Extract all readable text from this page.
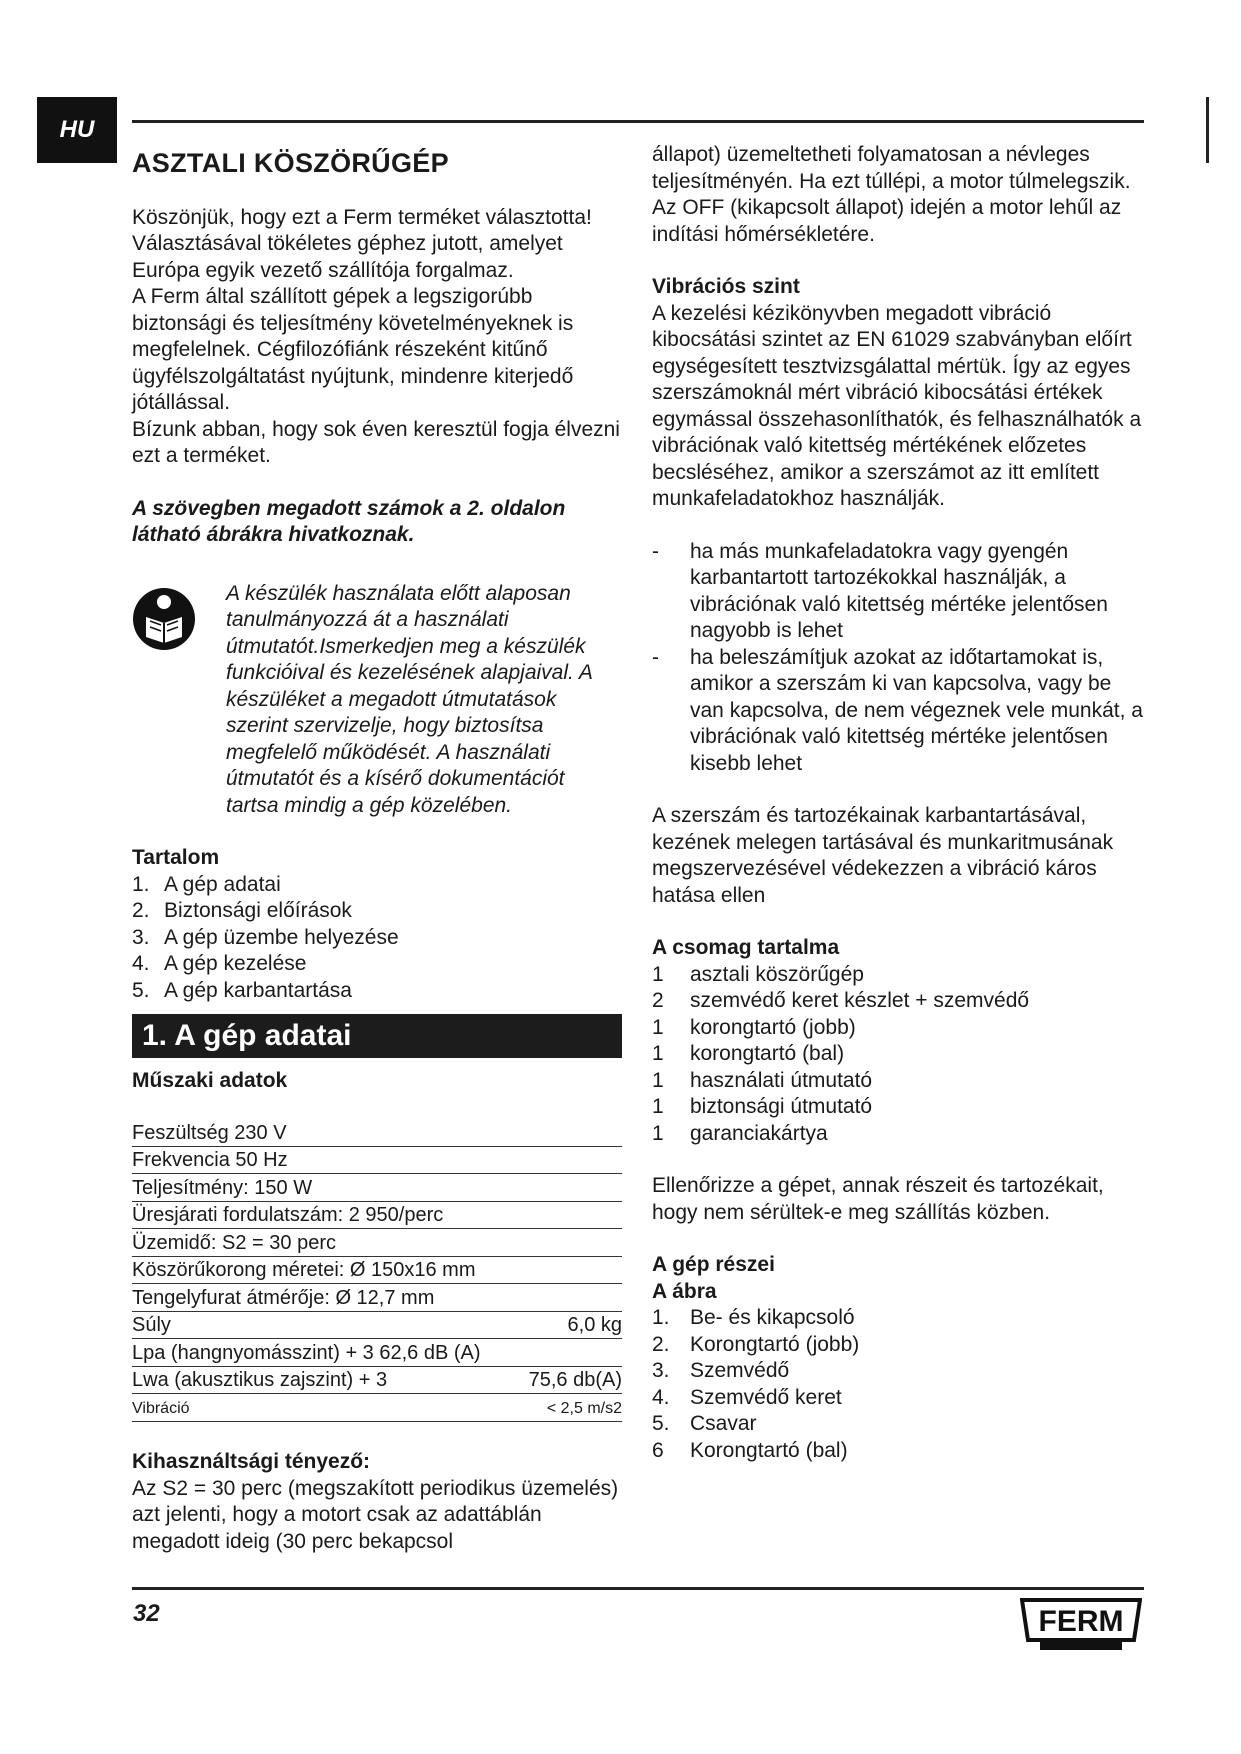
HU
ASZTALI KÖSZÖRŰGÉP

Köszönjük, hogy ezt a Ferm terméket választotta! Választásával tökéletes géphez jutott, amelyet Európa egyik vezető szállítója forgalmaz.

A Ferm által szállított gépek a legszigorúbb biztonsági és teljesítmény követelményeknek is megfelelnek. Cégfilozófiánk részeként kitűnő ügyfélszolgáltatást nyújtunk, mindenre kiterjedő jótállással.

Bízunk abban, hogy sok éven keresztül fogja élvezni ezt a terméket.

A szövegben megadott számok a 2. oldalon látható ábrákra hivatkoznak.

A készülék használata előtt alaposan tanulmányozzá át a használati útmutatót.Ismerkedjen meg a készülék funkcióival és kezelésének alapjaival. A készüléket a megadott útmutatások szerint szervizelje, hogy biztosítsa megfelelő működését. A használati útmutatót és a kísérő dokumentációt tartsa mindig a gép közelében.

Tartalom

1. A gép adatai
2. Biztonsági előírások
3. A gép üzembe helyezése
4. A gép kezelése
5. A gép karbantartása
1. A gép adatai

Műszaki adatok

Feszültség 230 V
Frekvencia 50 Hz
Teljesítmény: 150 W
Üresjárati fordulatszám: 2 950/perc
Üzemidő: S2 = 30 perc
Köszörűkorong méretei: Ø 150x16 mm
Tengelyfurat átmérője: Ø 12,7 mm
Súly	6,0 kg
Lpa (hangnyomásszint) + 3 62,6 dB (A)
Lwa (akusztikus zajszint) + 3	75,6 db(A)
Vibráció	< 2,5 m/s2

Kihasználtsági tényező:

Az S2 = 30 perc (megszakított periodikus üzemelés) azt jelenti, hogy a motort csak az adattáblán megadott ideig (30 perc bekapcsol

állapot) üzemeltetheti folyamatosan a névleges teljesítményén. Ha ezt túllépi, a motor túlmelegszik. Az OFF (kikapcsolt állapot) idején a motor lehűl az indítási hőmérsékletére.

Vibrációs szint

A kezelési kézikönyvben megadott vibráció kibocsátási szintet az EN 61029 szabványban előírt egységesített tesztvizsgálattal mértük. Így az egyes szerszámoknál mért vibráció kibocsátási értékek egymással összehasonlíthatók, és felhasználhatók a vibrációnak való kitettség mértékének előzetes becsléséhez, amikor a szerszámot az itt említett munkafeladatokhoz használják.

-	ha más munkafeladatokra vagy gyengén karbantartott tartozékokkal használják, a vibrációnak való kitettség mértéke jelentősen nagyobb is lehet
-	ha beleszámítjuk azokat az időtartamokat is, amikor a szerszám ki van kapcsolva, vagy be van kapcsolva, de nem végeznek vele munkát, a vibrációnak való kitettség mértéke jelentősen kisebb lehet

A szerszám és tartozékainak karbantartásával, kezének melegen tartásával és munkaritmusának megszervezésével védekezzen a vibráció káros hatása ellen

A csomag tartalma

1	asztali köszörűgép
2	szemvédő keret készlet + szemvédő
1	korongtartó (jobb)
1	korongtartó (bal)
1	használati útmutató
1	biztonsági útmutató
1	garanciakártya

Ellenőrizze a gépet, annak részeit és tartozékait, hogy nem sérültek-e meg szállítás közben.

A gép részei

A ábra

1. Be- és kikapcsoló
2. Korongtartó (jobb)
3. Szemvédő
4. Szemvédő keret
5. Csavar
6	Korongtartó (bal)
32	FERM
